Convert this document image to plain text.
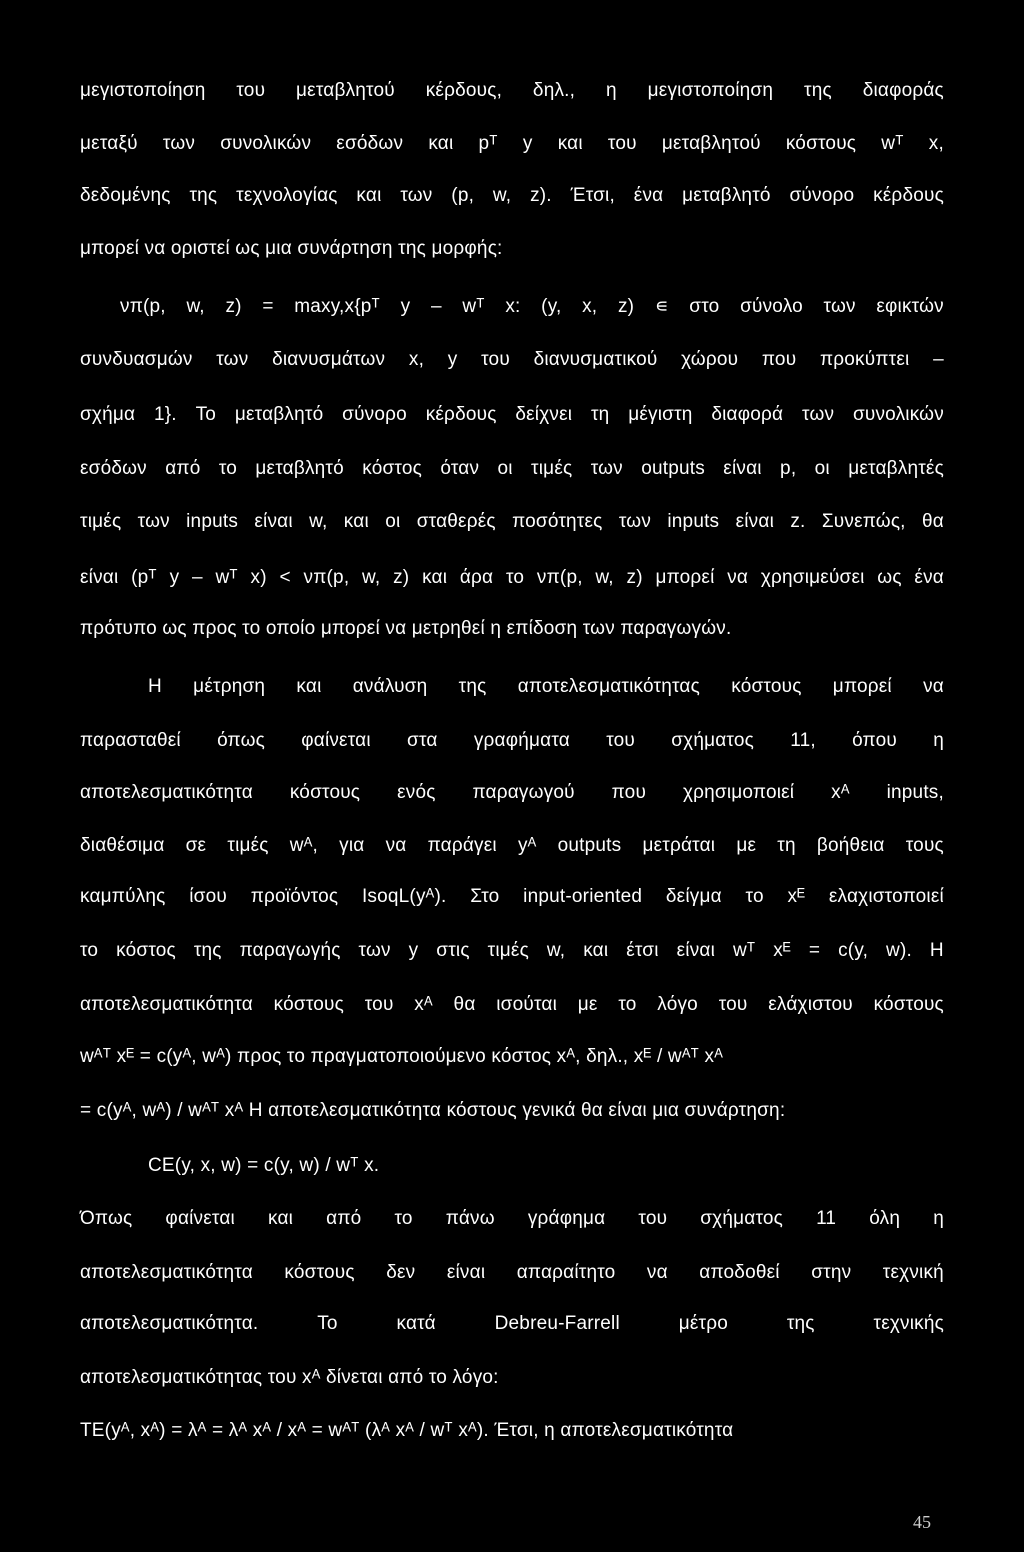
μεγιστοποίηση του μεταβλητού κέρδους, δηλ., η μεγιστοποίηση της διαφοράς
μεταξύ των συνολικών εσόδων και pᵀ y και του μεταβλητού κόστους wᵀ x,
δεδομένης της τεχνολογίας και των (p, w, z). Έτσι, ένα μεταβλητό σύνορο κέρδους
μπορεί να οριστεί ως μια συνάρτηση της μορφής:
νπ(p, w, z) = maxy,x{pᵀ y – wᵀ x: (y, x, z) ∊ στο σύνολο των εφικτών
συνδυασμών των διανυσμάτων x, y του διανυσματικού χώρου που προκύπτει –
σχήμα 1}. Το μεταβλητό σύνορο κέρδους δείχνει τη μέγιστη διαφορά των συνολικών
εσόδων από το μεταβλητό κόστος όταν οι τιμές των outputs είναι p, οι μεταβλητές
τιμές των inputs είναι w, και οι σταθερές ποσότητες των inputs είναι z. Συνεπώς, θα
είναι (pᵀ y – wᵀ x) < νπ(p, w, z) και άρα το νπ(p, w, z) μπορεί να χρησιμεύσει ως ένα
πρότυπο ως προς το οποίο μπορεί να μετρηθεί η επίδοση των παραγωγών.
Η μέτρηση και ανάλυση της αποτελεσματικότητας κόστους μπορεί να
παρασταθεί όπως φαίνεται στα γραφήματα του σχήματος 11, όπου η
αποτελεσματικότητα κόστους ενός παραγωγού που χρησιμοποιεί xᴬ inputs,
διαθέσιμα σε τιμές wᴬ, για να παράγει yᴬ outputs μετράται με τη βοήθεια τους
καμπύλης ίσου προϊόντος IsoqL(yᴬ). Στο input-oriented δείγμα το xᴱ ελαχιστοποιεί
το κόστος της παραγωγής των y στις τιμές w, και έτσι είναι wᵀ xᴱ = c(y, w). Η
αποτελεσματικότητα κόστους του xᴬ θα ισούται με το λόγο του ελάχιστου κόστους
wᴬᵀ xᴱ = c(yᴬ, wᴬ) προς το πραγματοποιούμενο κόστος xᴬ, δηλ., xᴱ / wᴬᵀ xᴬ
= c(yᴬ, wᴬ) / wᴬᵀ xᴬ Η αποτελεσματικότητα κόστους γενικά θα είναι μια συνάρτηση:
CE(y, x, w) = c(y, w) / wᵀ x.
Όπως φαίνεται και από το πάνω γράφημα του σχήματος 11 όλη η
αποτελεσματικότητα κόστους δεν είναι απαραίτητο να αποδοθεί στην τεχνική
αποτελεσματικότητα.	Το	κατά	Debreu-Farrell	μέτρο	της	τεχνικής
αποτελεσματικότητας του xᴬ δίνεται από το λόγο:
TE(yᴬ, xᴬ) = λᴬ = λᴬ xᴬ / xᴬ = wᴬᵀ (λᴬ xᴬ / wᵀ xᴬ). Έτσι, η αποτελεσματικότητα
45
